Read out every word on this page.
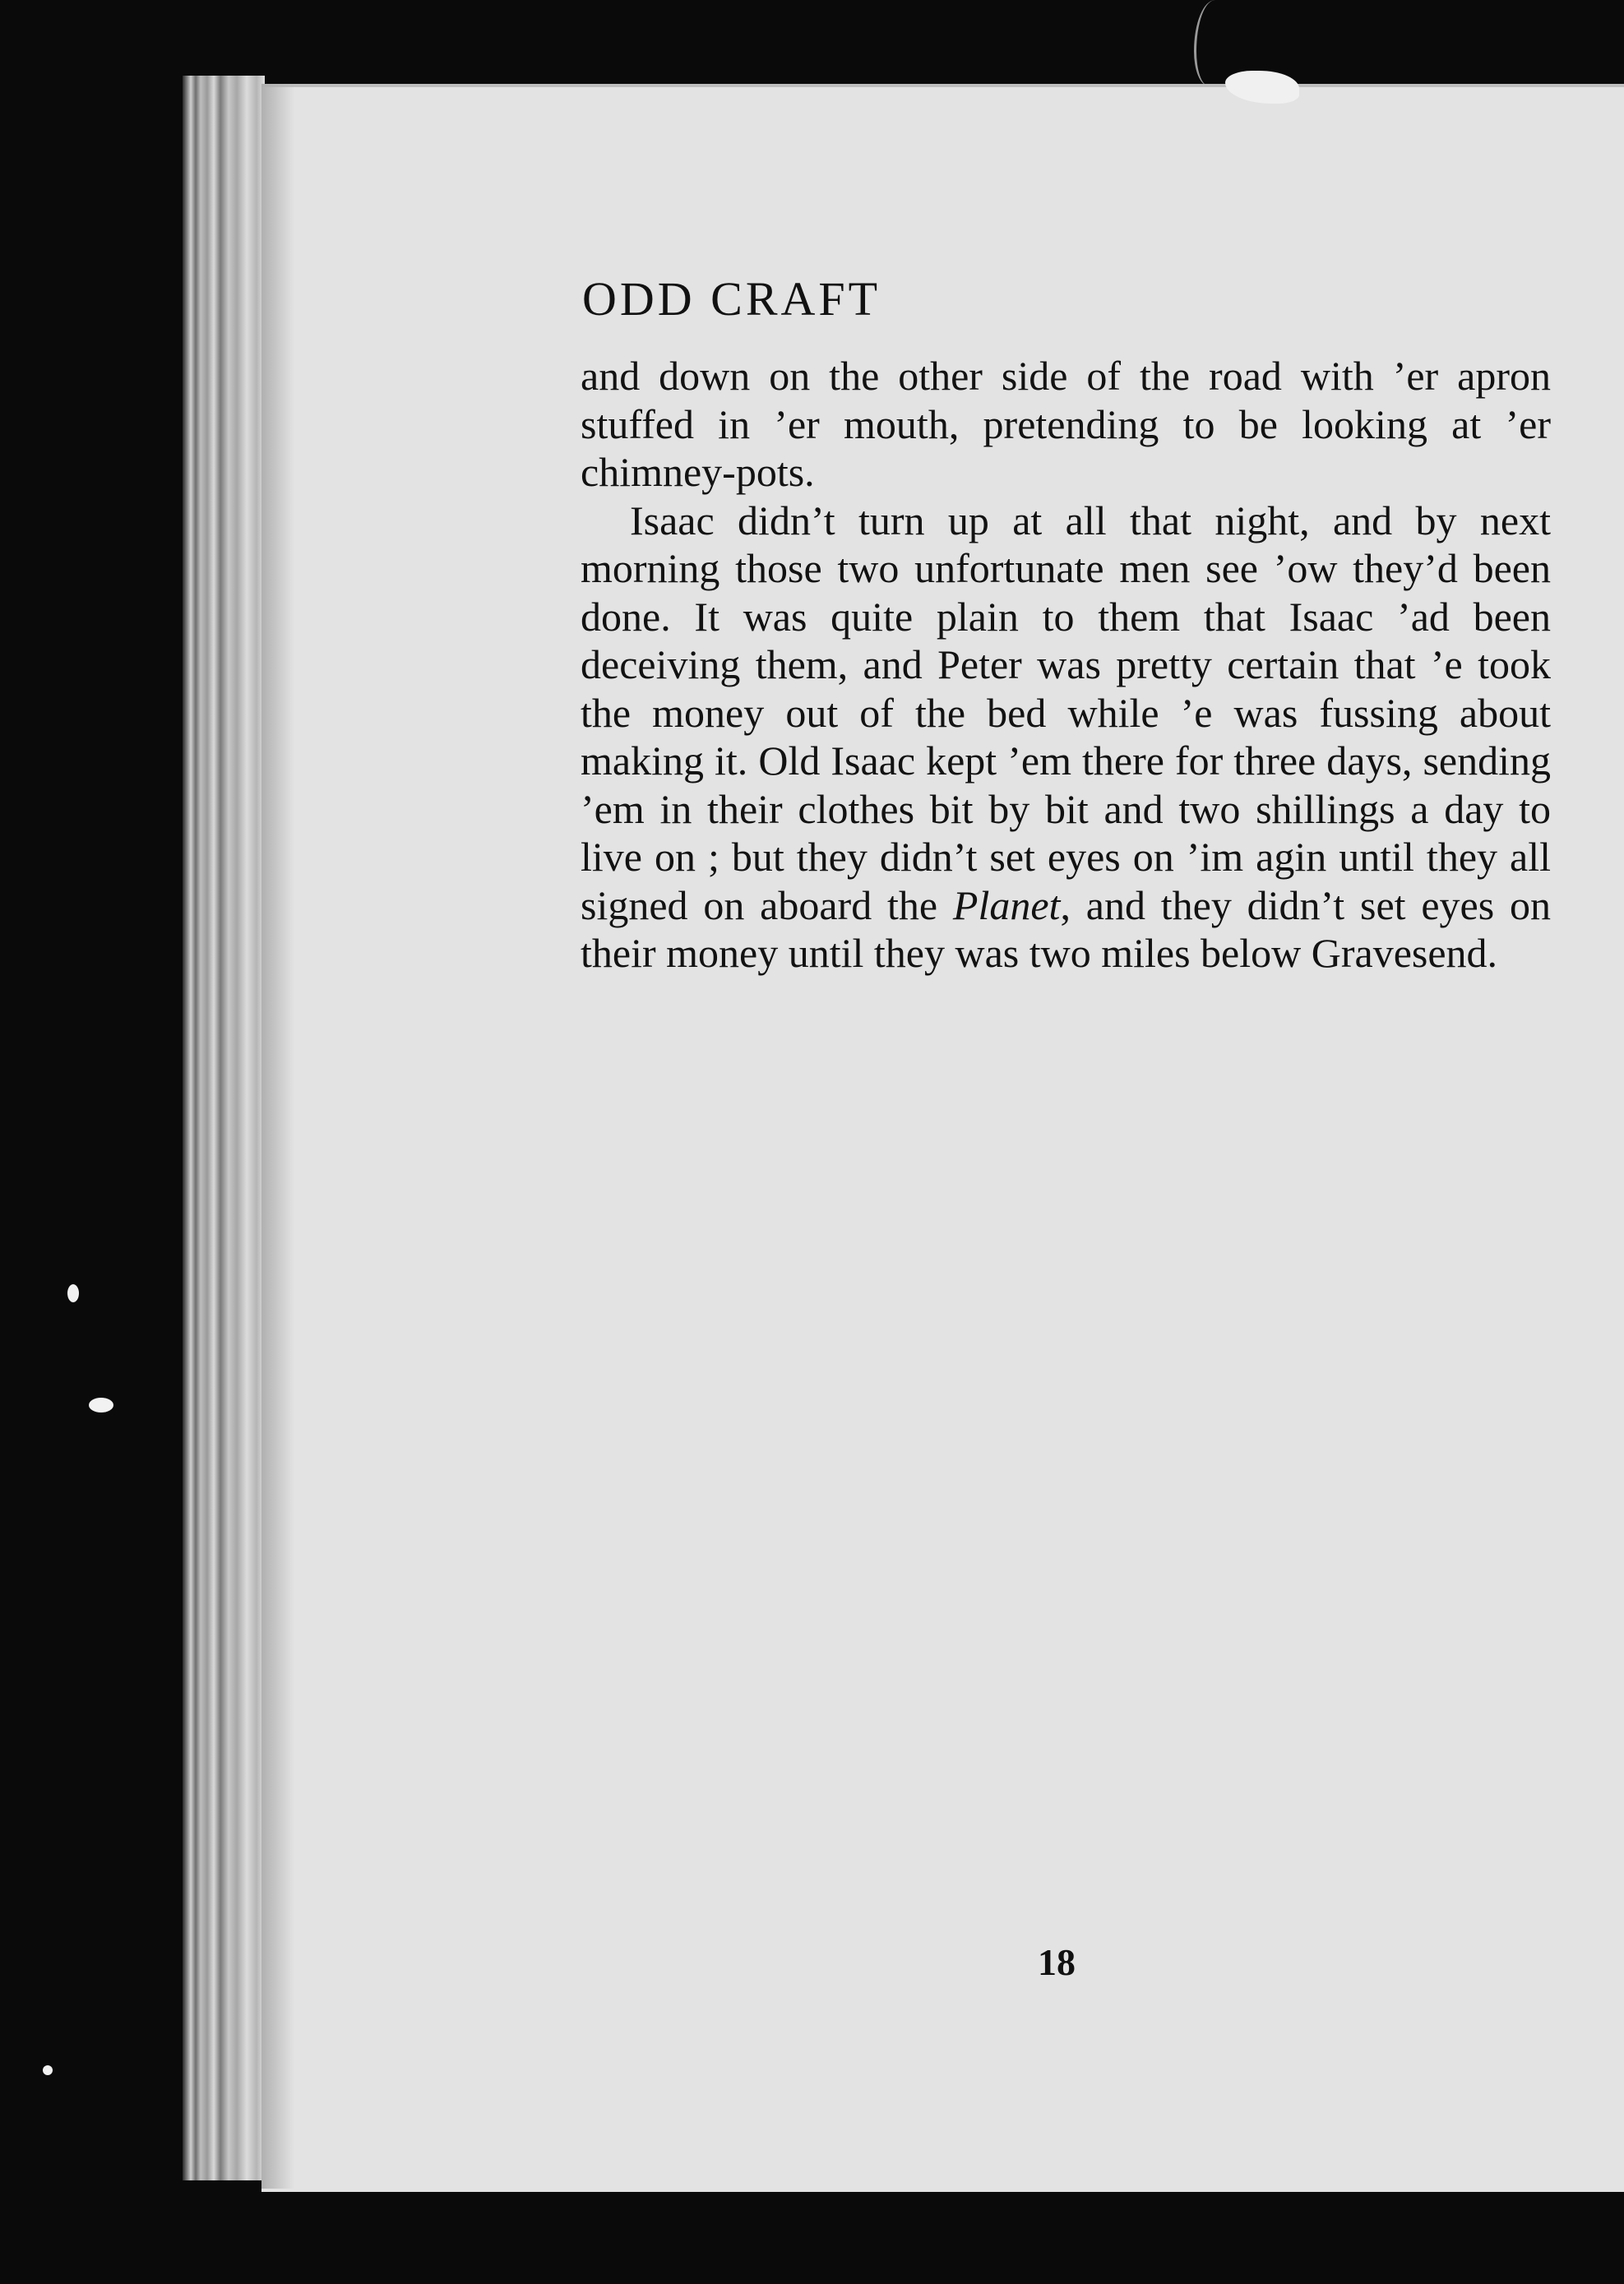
ODD CRAFT

and down on the other side of the road with ’er apron stuffed in ’er mouth, pretending to be looking at ’er chimney-pots.

Isaac didn’t turn up at all that night, and by next morning those two unfortunate men see ’ow they’d been done. It was quite plain to them that Isaac ’ad been deceiving them, and Peter was pretty certain that ’e took the money out of the bed while ’e was fussing about making it. Old Isaac kept ’em there for three days, sending ’em in their clothes bit by bit and two shillings a day to live on ; but they didn’t set eyes on ’im agin until they all signed on aboard the Planet, and they didn’t set eyes on their money until they was two miles below Gravesend.

18
